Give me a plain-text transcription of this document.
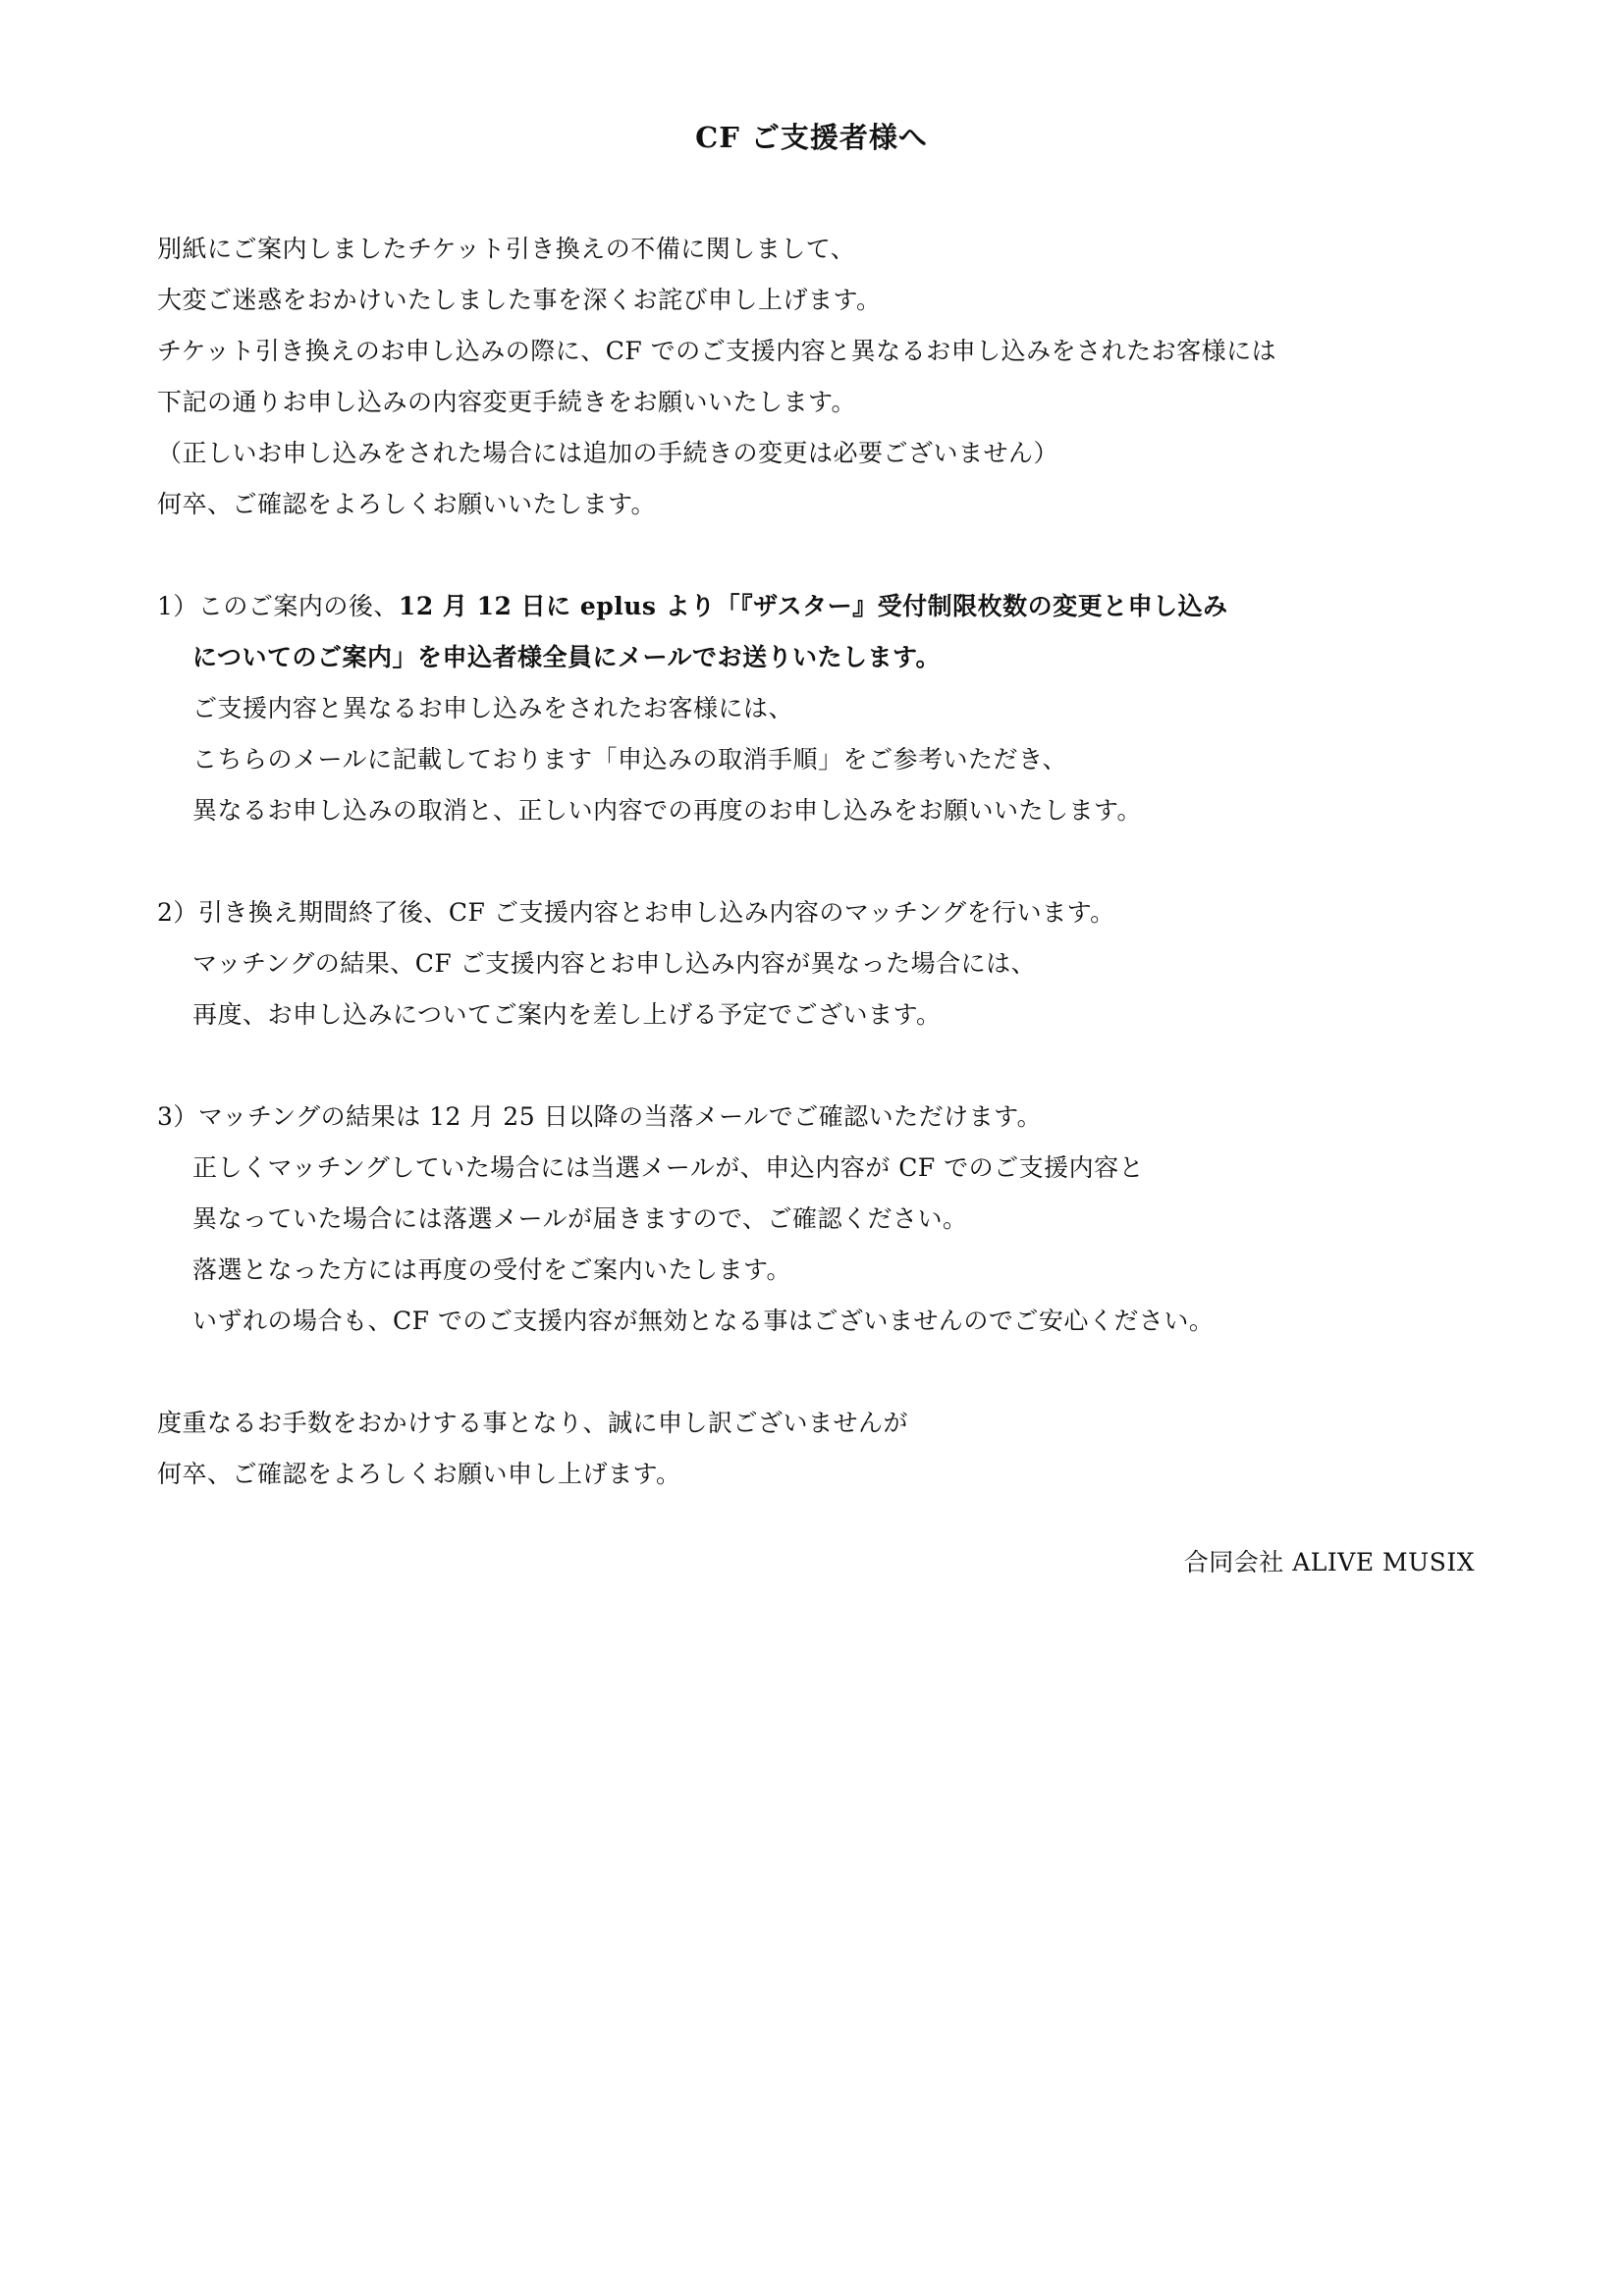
CF ご支援者様へ
別紙にご案内しましたチケット引き換えの不備に関しまして、
大変ご迷惑をおかけいたしました事を深くお詫び申し上げます。
チケット引き換えのお申し込みの際に、CF でのご支援内容と異なるお申し込みをされたお客様には
下記の通りお申し込みの内容変更手続きをお願いいたします。
（正しいお申し込みをされた場合には追加の手続きの変更は必要ございません）
何卒、ご確認をよろしくお願いいたします。
1）このご案内の後、12 月 12 日に eplus より「『ザスター』受付制限枚数の変更と申し込み
についてのご案内」を申込者様全員にメールでお送りいたします。
ご支援内容と異なるお申し込みをされたお客様には、
こちらのメールに記載しております「申込みの取消手順」をご参考いただき、
異なるお申し込みの取消と、正しい内容での再度のお申し込みをお願いいたします。
2）引き換え期間終了後、CF ご支援内容とお申し込み内容のマッチングを行います。
マッチングの結果、CF ご支援内容とお申し込み内容が異なった場合には、
再度、お申し込みについてご案内を差し上げる予定でございます。
3）マッチングの結果は 12 月 25 日以降の当落メールでご確認いただけます。
正しくマッチングしていた場合には当選メールが、申込内容が CF でのご支援内容と
異なっていた場合には落選メールが届きますので、ご確認ください。
落選となった方には再度の受付をご案内いたします。
いずれの場合も、CF でのご支援内容が無効となる事はございませんのでご安心ください。
度重なるお手数をおかけする事となり、誠に申し訳ございませんが
何卒、ご確認をよろしくお願い申し上げます。
合同会社 ALIVE MUSIX
